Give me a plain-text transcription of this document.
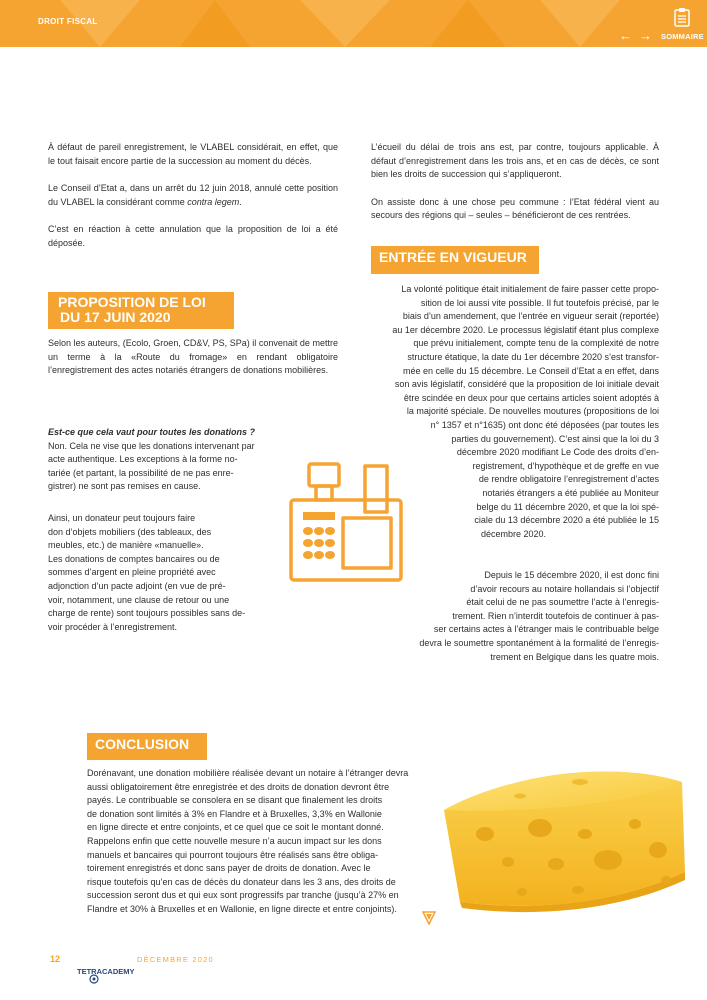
DROIT FISCAL
← → SOMMAIRE

À défaut de pareil enregistrement, le VLABEL considérait, en effet, que le tout faisait encore partie de la succession au moment du décès.

Le Conseil d’Etat a, dans un arrêt du 12 juin 2018, annulé cette position du VLABEL la considérant comme contra legem.

C’est en réaction à cette annulation que la proposition de loi a été déposée.

PROPOSITION DE LOI
DU 17 JUIN 2020

Selon les auteurs, (Ecolo, Groen, CD&V, PS, SPa) il convenait de mettre un terme à la «Route du fromage» en rendant obligatoire l’enregistrement des actes notariés étrangers de donations mobilières.

Est-ce que cela vaut pour toutes les donations ?

Non. Cela ne vise que les donations intervenant par

acte authentique. Les exceptions à la forme no-

tariée (et partant, la possibilité de ne pas enre-

gistrer) ne sont pas remises en cause.

Ainsi, un donateur peut toujours faire

don d’objets mobiliers (des tableaux, des

meubles, etc.) de manière «manuelle».

Les donations de comptes bancaires ou de

sommes d’argent en pleine propriété avec

adjonction d’un pacte adjoint (en vue de pré-

voir, notamment, une clause de retour ou une

charge de rente) sont toujours possibles sans de-

voir procéder à l’enregistrement.

L’écueil du délai de trois ans est, par contre, toujours applicable. À défaut d’enregistrement dans les trois ans, et en cas de décès, ce sont bien les droits de succession qui s’appliqueront.

On assiste donc à une chose peu commune : l’Etat fédéral vient au secours des régions qui – seules – bénéficieront de ces rentrées.

ENTRÉE EN VIGUEUR

La volonté politique était initialement de faire passer cette propo-

sition de loi aussi vite possible. Il fut toutefois précisé, par le

biais d’un amendement, que l’entrée en vigueur serait (reportée)

au 1er décembre 2020. Le processus législatif étant plus complexe

que prévu initialement, compte tenu de la complexité de notre

structure étatique, la date du 1er décembre 2020 s’est transfor-

mée en celle du 15 décembre. Le Conseil d’Etat a en effet, dans

son avis législatif, considéré que la proposition de loi initiale devait

être scindée en deux pour que certains articles soient adoptés à

la majorité spéciale. De nouvelles moutures (propositions de loi

n° 1357 et n°1635) ont donc été déposées (par toutes les

parties du gouvernement). C’est ainsi que la loi du 3

décembre 2020 modifiant Le Code des droits d’en-

registrement, d’hypothèque et de greffe en vue

de rendre obligatoire l’enregistrement d’actes

notariés étrangers a été publiée au Moniteur

belge du 11 décembre 2020, et que la loi spé-

ciale du 13 décembre 2020 a été publiée le 15

décembre 2020.

Depuis le 15 décembre 2020, il est donc fini

d’avoir recours au notaire hollandais si l’objectif

était celui de ne pas soumettre l’acte à l’enregis-

trement. Rien n’interdit toutefois de continuer à pas-

ser certains actes à l’étranger mais le contribuable belge

devra le soumettre spontanément à la formalité de l’enregis-

trement en Belgique dans les quatre mois.

CONCLUSION

Dorénavant, une donation mobilière réalisée devant un notaire à l’étranger devra

aussi obligatoirement être enregistrée et des droits de donation devront être

payés. Le contribuable se consolera en se disant que finalement les droits

de donation sont limités à 3% en Flandre et à Bruxelles, 3,3% en Wallonie

en ligne directe et entre conjoints, et ce quel que ce soit le montant donné.

Rappelons enfin que cette nouvelle mesure n’a aucun impact sur les dons

manuels et bancaires qui pourront toujours être réalisés sans être obliga-

toirement enregistrés et donc sans payer de droits de donation. Avec le

risque toutefois qu’en cas de décès du donateur dans les 3 ans, des droits de

succession seront dus et qui eux sont progressifs par tranche (jusqu’à 27% en

Flandre et 30% à Bruxelles et en Wallonie, en ligne directe et entre conjoints).

12	DÉCEMBRE 2020
TETRACADEMY
